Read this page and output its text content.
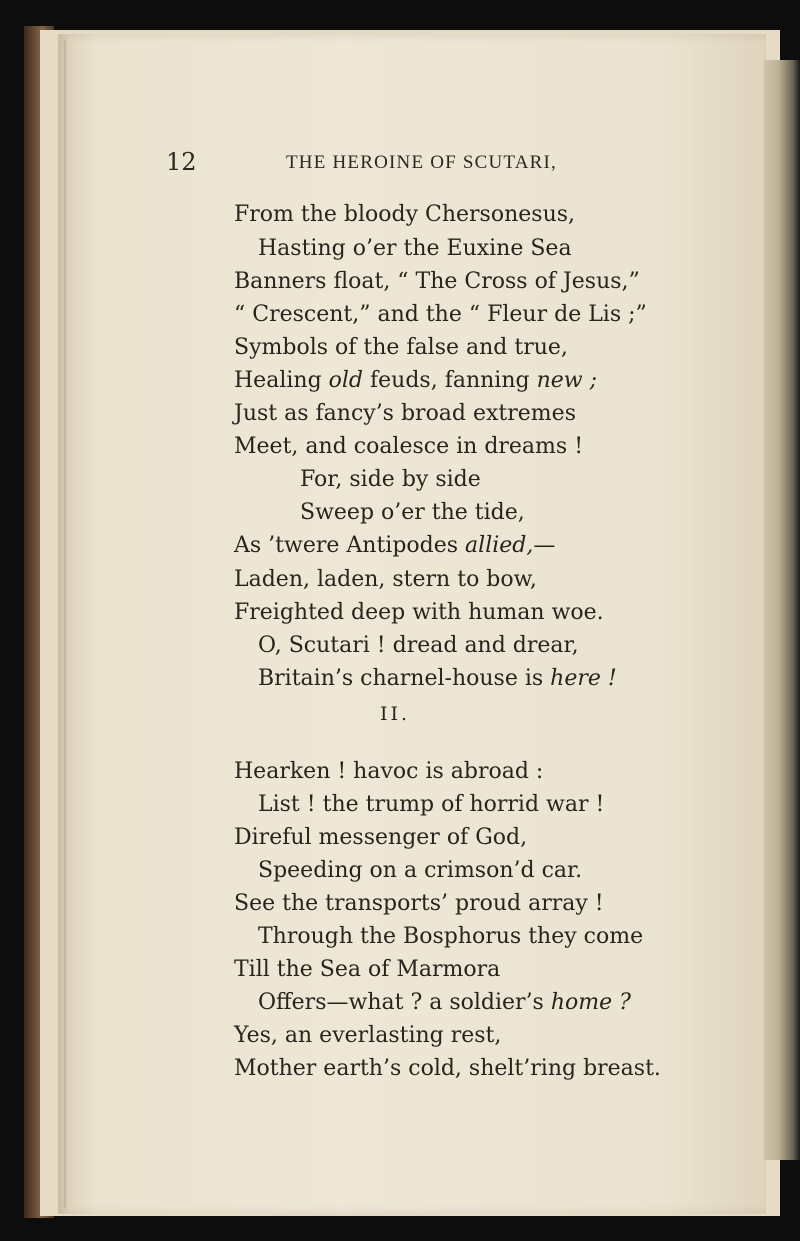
12	THE HEROINE OF SCUTARI,
From the bloody Chersonesus,
Hasting o’er the Euxine Sea
Banners float, “ The Cross of Jesus,”
“ Crescent,” and the “ Fleur de Lis ;”
Symbols of the false and true,
Healing old feuds, fanning new ;
Just as fancy’s broad extremes
Meet, and coalesce in dreams !
For, side by side
Sweep o’er the tide,
As ’twere Antipodes allied,—
Laden, laden, stern to bow,
Freighted deep with human woe.
O, Scutari ! dread and drear,
Britain’s charnel-house is here !
II.
Hearken ! havoc is abroad :
List ! the trump of horrid war !
Direful messenger of God,
Speeding on a crimson’d car.
See the transports’ proud array !
Through the Bosphorus they come
Till the Sea of Marmora
Offers—what ? a soldier’s home ?
Yes, an everlasting rest,
Mother earth’s cold, shelt’ring breast.
